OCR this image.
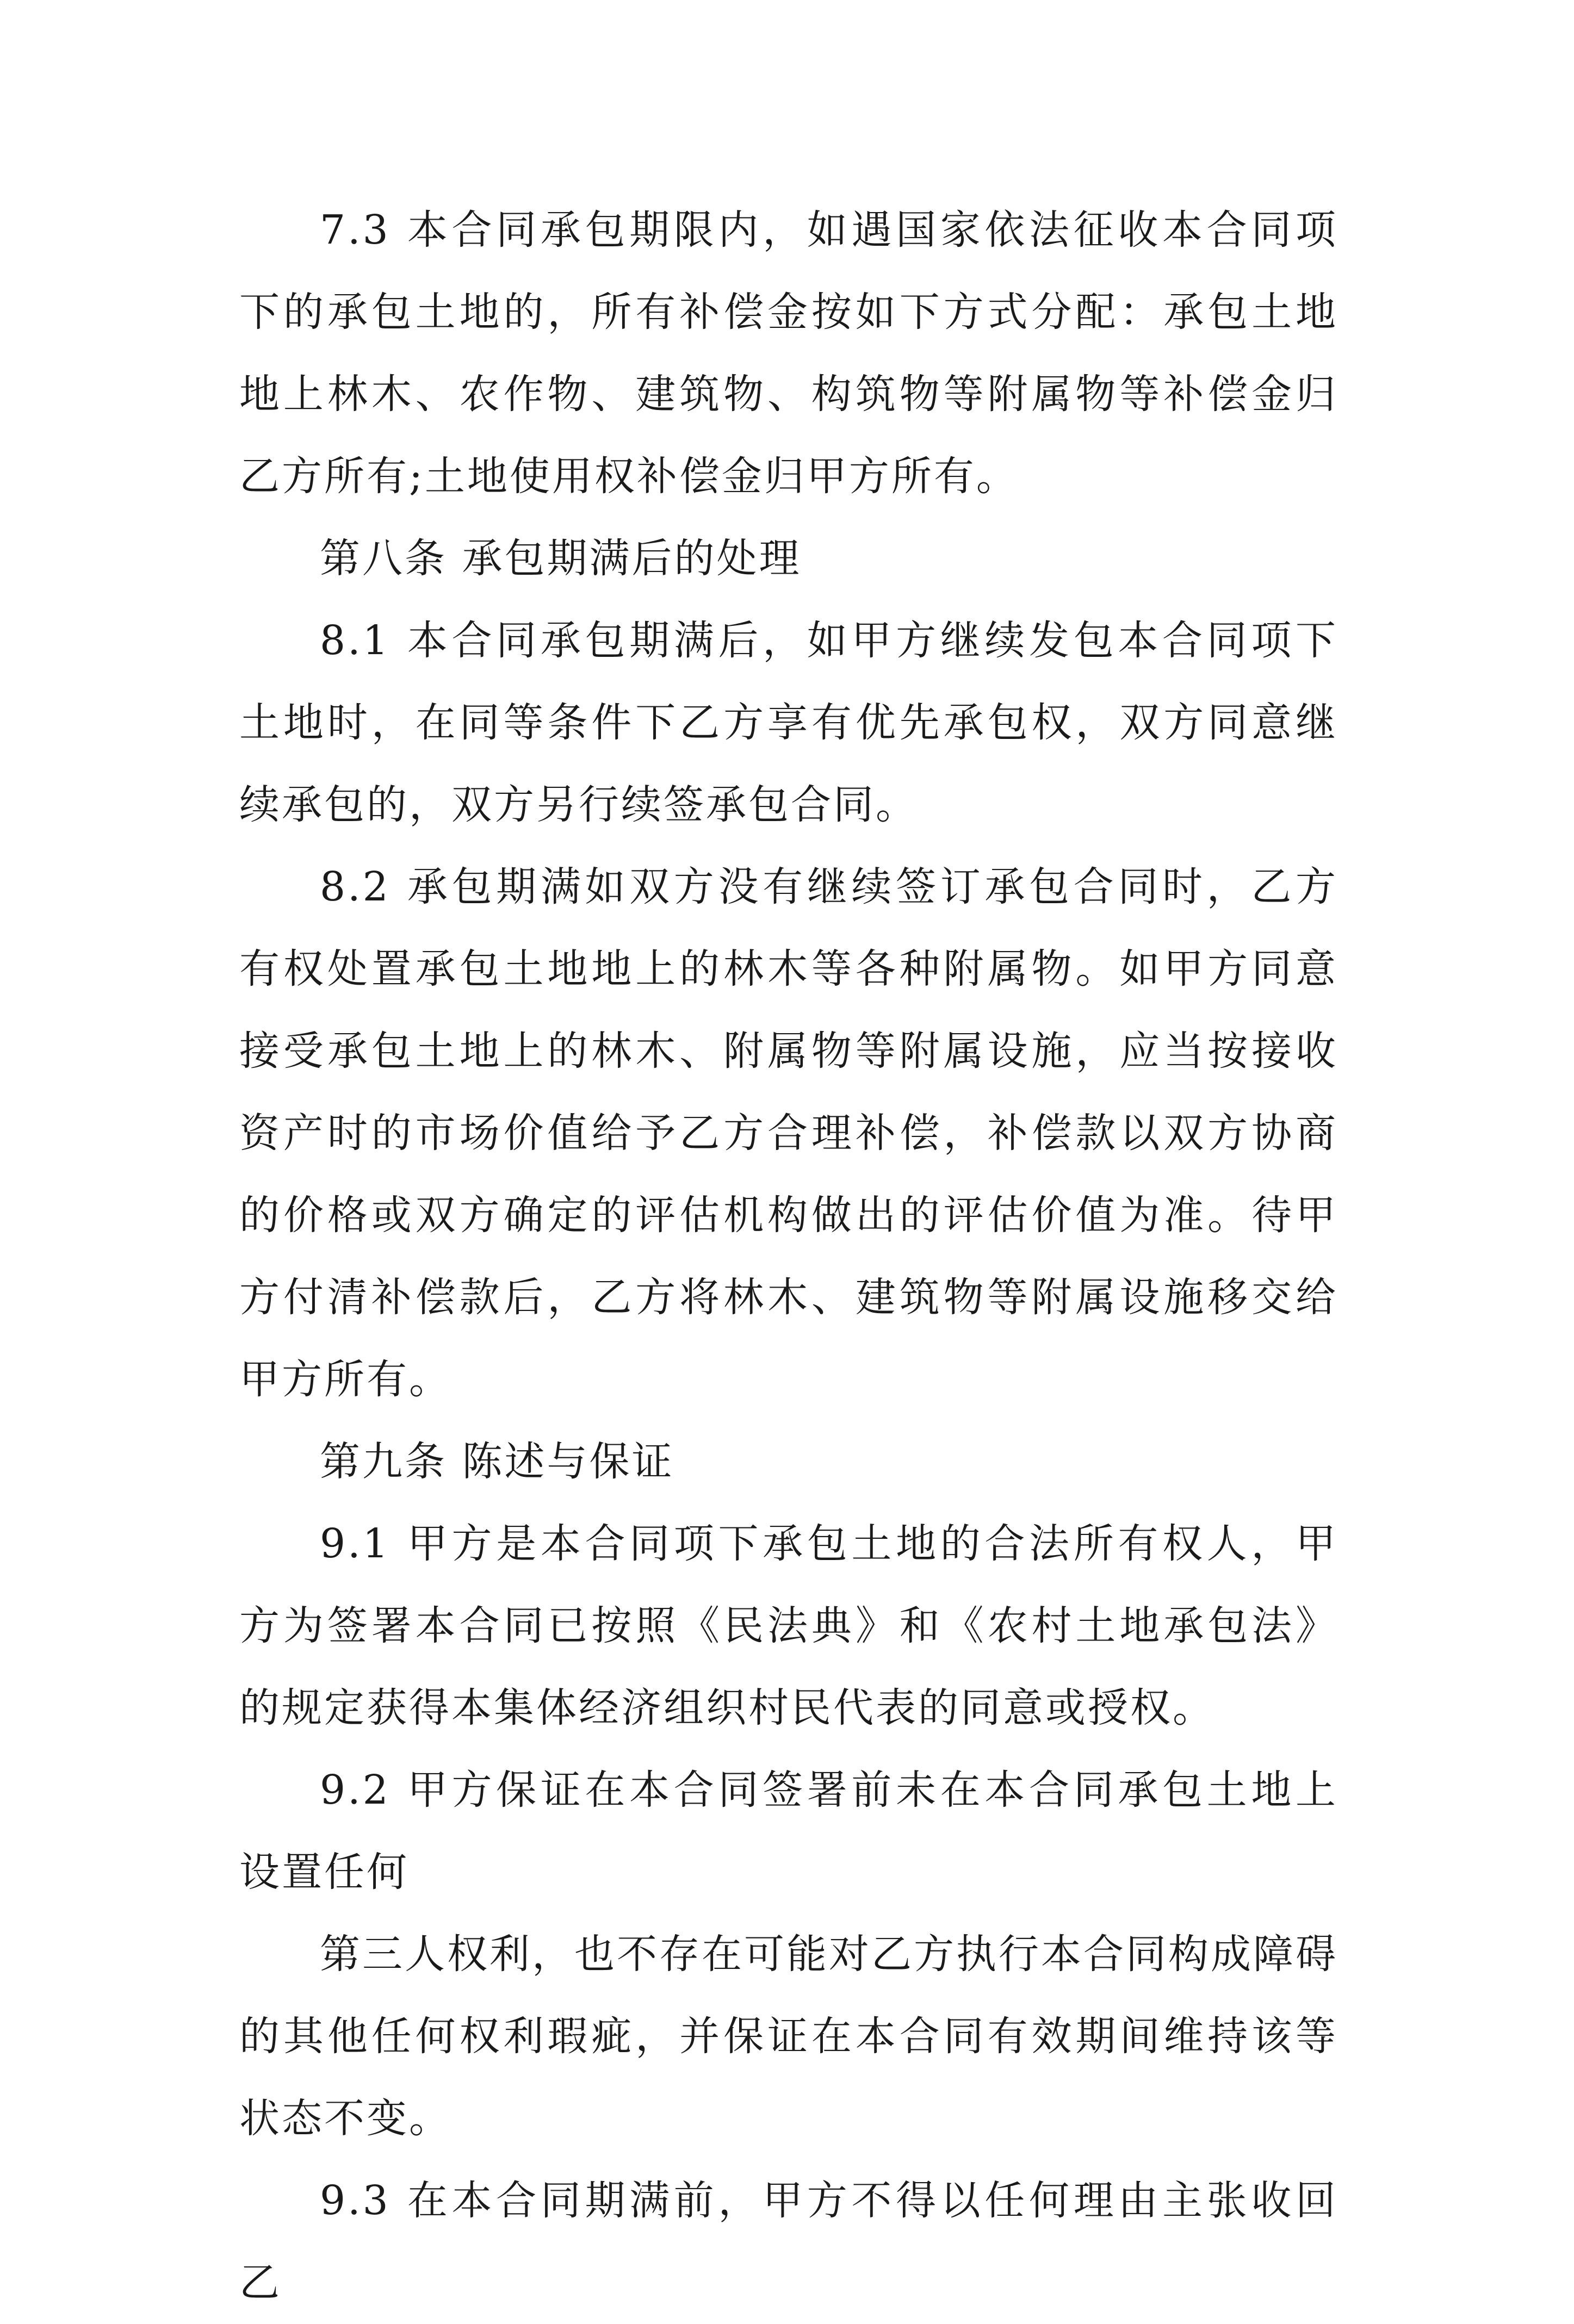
7.3 本合同承包期限内，如遇国家依法征收本合同项下的承包土地的，所有补偿金按如下方式分配：承包土地地上林木、农作物、建筑物、构筑物等附属物等补偿金归乙方所有;土地使用权补偿金归甲方所有。

第八条 承包期满后的处理

8.1 本合同承包期满后，如甲方继续发包本合同项下土地时，在同等条件下乙方享有优先承包权，双方同意继续承包的，双方另行续签承包合同。

8.2 承包期满如双方没有继续签订承包合同时，乙方有权处置承包土地地上的林木等各种附属物。如甲方同意接受承包土地上的林木、附属物等附属设施，应当按接收资产时的市场价值给予乙方合理补偿，补偿款以双方协商的价格或双方确定的评估机构做出的评估价值为准。待甲方付清补偿款后，乙方将林木、建筑物等附属设施移交给甲方所有。

第九条 陈述与保证

9.1 甲方是本合同项下承包土地的合法所有权人，甲方为签署本合同已按照《民法典》和《农村土地承包法》的规定获得本集体经济组织村民代表的同意或授权。

9.2 甲方保证在本合同签署前未在本合同承包土地上设置任何

第三人权利，也不存在可能对乙方执行本合同构成障碍的其他任何权利瑕疵，并保证在本合同有效期间维持该等状态不变。

9.3 在本合同期满前，甲方不得以任何理由主张收回乙
